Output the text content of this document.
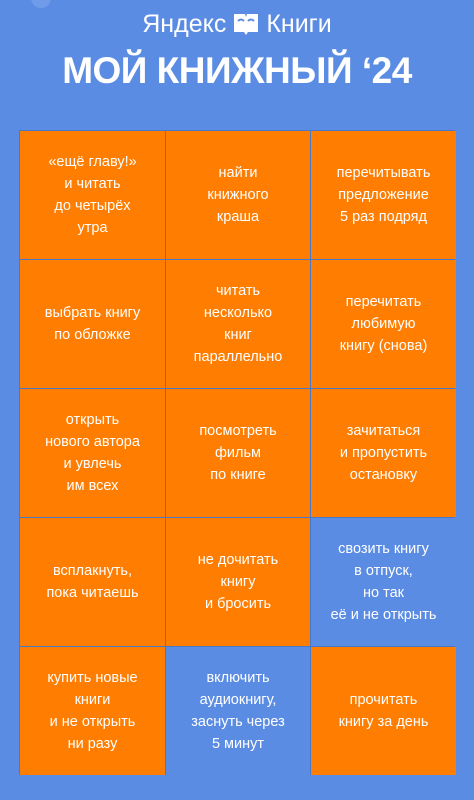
Яндекс Книги
МОЙ КНИЖНЫЙ ‘24
«ещё главу!»
и читать
до четырёх
утра
найти
книжного
краша
перечитывать
предложение
5 раз подряд
выбрать книгу
по обложке
читать
несколько
книг
параллельно
перечитать
любимую
книгу (снова)
открыть
нового автора
и увлечь
им всех
посмотреть
фильм
по книге
зачитаться
и пропустить
остановку
всплакнуть,
пока читаешь
не дочитать
книгу
и бросить
свозить книгу
в отпуск,
но так
её и не открыть
купить новые
книги
и не открыть
ни разу
включить
аудиокнигу,
заснуть через
5 минут
прочитать
книгу за день
